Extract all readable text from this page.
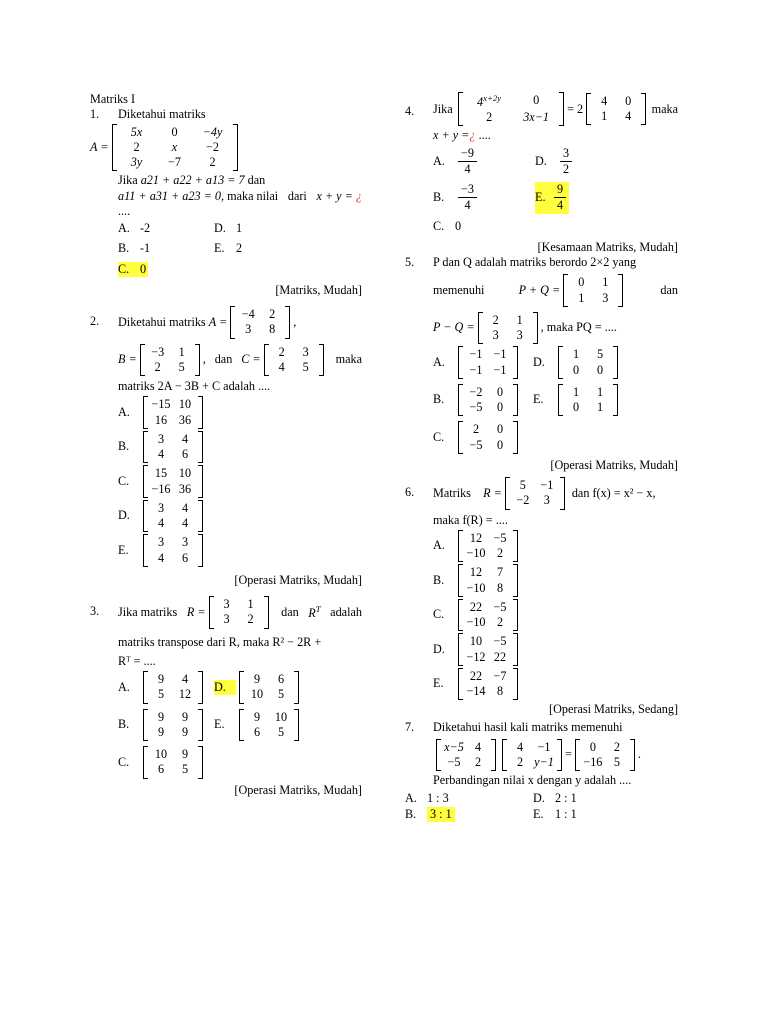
Matriks I
1. Diketahui matriks
A =
5x	0	−4y
2	x	−2
3y	−7	2
Jika
a21 + a22 + a13 = 7
dan
a11 + a31 + a23 = 0, maka nilai dari x + y = ¿
....
A. -2	D. 1
B. -1	E. 2
C. 0
[Matriks, Mudah]
2. Diketahui matriks
A =
−4	2
3	8
,
B =
−3	1
2	5
, dan C =
2	3
4	5
maka
matriks 2A − 3B + C adalah ....
A.
−15 10
16 36
B.
3	4
4	6
C.
15 10
−16 36
D.
3	4
4	4
E.
3	3
4	6
[Operasi Matriks, Mudah]
3. Jika matriks R =
3	1
3	2
dan $R^T$ adalah
matriks transpose dari R, maka R² − 2R +
Rᵀ = ....
A.
9	4
5	12
D.
9	6
10	5
B.
9	9
9	9
E.
9	10
6	5
C.
10	9
6	5
[Operasi Matriks, Mudah]
4. Jika	$4^{x+2y}$	0
2	3x−1
= 2
4	0
1	4
maka
x + y = ¿
....
A.	$\frac{-9}{4}$	D.	$\frac{3}{2}$
B.	$\frac{-3}{4}$	E. $\frac{9}{4}$
C. 0
[Kesamaan Matriks, Mudah]
5. P dan Q adalah matriks berordo 2×2 yang
memenuhi	P + Q =
0	1
1	3
dan
P − Q =
2	1
3	3
, maka PQ = ....
A.
−1 −1
−1 −1
D.
1	5
0	0
B.
−2	0
−5	0
E.
1	1
0	1
C.
2	0
−5	0
[Operasi Matriks, Mudah]
6. Matriks
R =
5	−1
−2	3
dan f(x) = x² − x,
maka f(R) = ....
A.
12 −5
−10 2
B.
12	7
−10 8
C.
22 −5
−10 2
D.
10 −5
−12 22
E.
22 −7
−14 8
[Operasi Matriks, Sedang]
7. Diketahui hasil kali matriks memenuhi
x−5 4
−5	2
4	−1
2 y−1
=
0	2
−16 5
.
Perbandingan nilai x dengan y adalah ....
A. 1 : 3	D. 2 : 1
B.	3 : 1	E. 1 : 1
